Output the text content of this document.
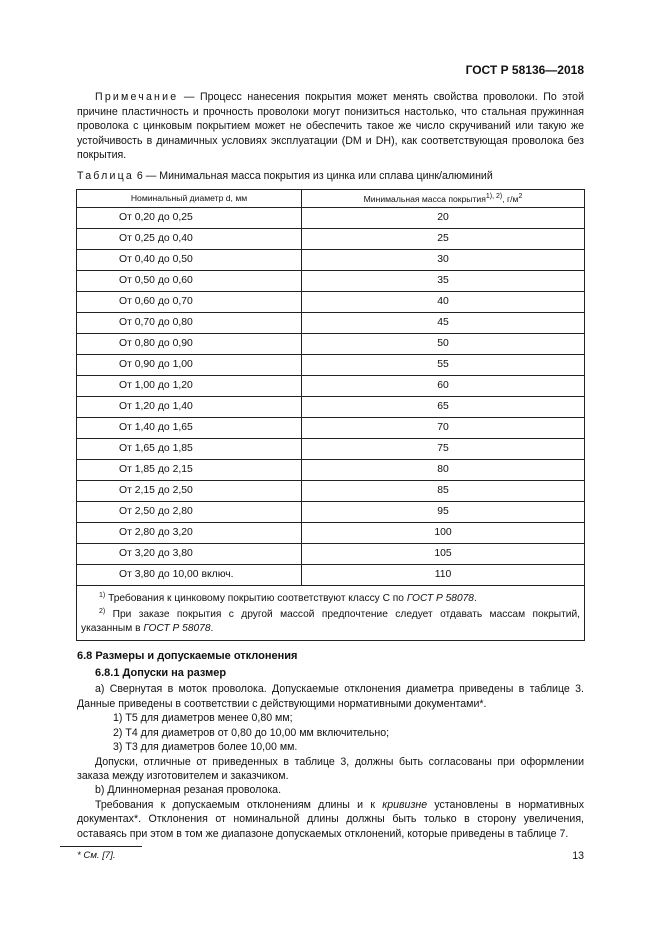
ГОСТ Р 58136—2018
Примечание — Процесс нанесения покрытия может менять свойства проволоки. По этой причине пластичность и прочность проволоки могут понизиться настолько, что стальная пружинная проволока с цинковым покрытием может не обеспечить такое же число скручиваний или такую же устойчивость в динамичных условиях эксплуатации (DM и DH), как соответствующая проволока без покрытия.
Таблица 6 — Минимальная масса покрытия из цинка или сплава цинк/алюминий
Номинальный диаметр d, мм	Минимальная масса покрытия$^{1), 2)}$, $г/м^2$
От 0,20 до 0,25	20
От 0,25 до 0,40	25
От 0,40 до 0,50	30
От 0,50 до 0,60	35
От 0,60 до 0,70	40
От 0,70 до 0,80	45
От 0,80 до 0,90	50
От 0,90 до 1,00	55
От 1,00 до 1,20	60
От 1,20 до 1,40	65
От 1,40 до 1,65	70
От 1,65 до 1,85	75
От 1,85 до 2,15	80
От 2,15 до 2,50	85
От 2,50 до 2,80	95
От 2,80 до 3,20	100
От 3,20 до 3,80	105
От 3,80 до 10,00 включ.	110

$^{1)}$ Требования к цинковому покрытию соответствуют классу С по ГОСТ Р 58078.
$^{2)}$ При заказе покрытия с другой массой предпочтение следует отдавать массам покрытий, указанным в ГОСТ Р 58078.	
6.8 Размеры и допускаемые отклонения
6.8.1 Допуски на размер
a) Свернутая в моток проволока. Допускаемые отклонения диаметра приведены в таблице 3. Данные приведены в соответствии с действующими нормативными документами*.
1) Т5 для диаметров менее 0,80 мм;
2) Т4 для диаметров от 0,80 до 10,00 мм включительно;
3) Т3 для диаметров более 10,00 мм.
Допуски, отличные от приведенных в таблице 3, должны быть согласованы при оформлении заказа между изготовителем и заказчиком.
b) Длинномерная резаная проволока.
Требования к допускаемым отклонениям длины и к кривизне установлены в нормативных документах*. Отклонения от номинальной длины должны быть только в сторону увеличения, оставаясь при этом в том же диапазоне допускаемых отклонений, которые приведены в таблице 7.
* См. [7].	13
